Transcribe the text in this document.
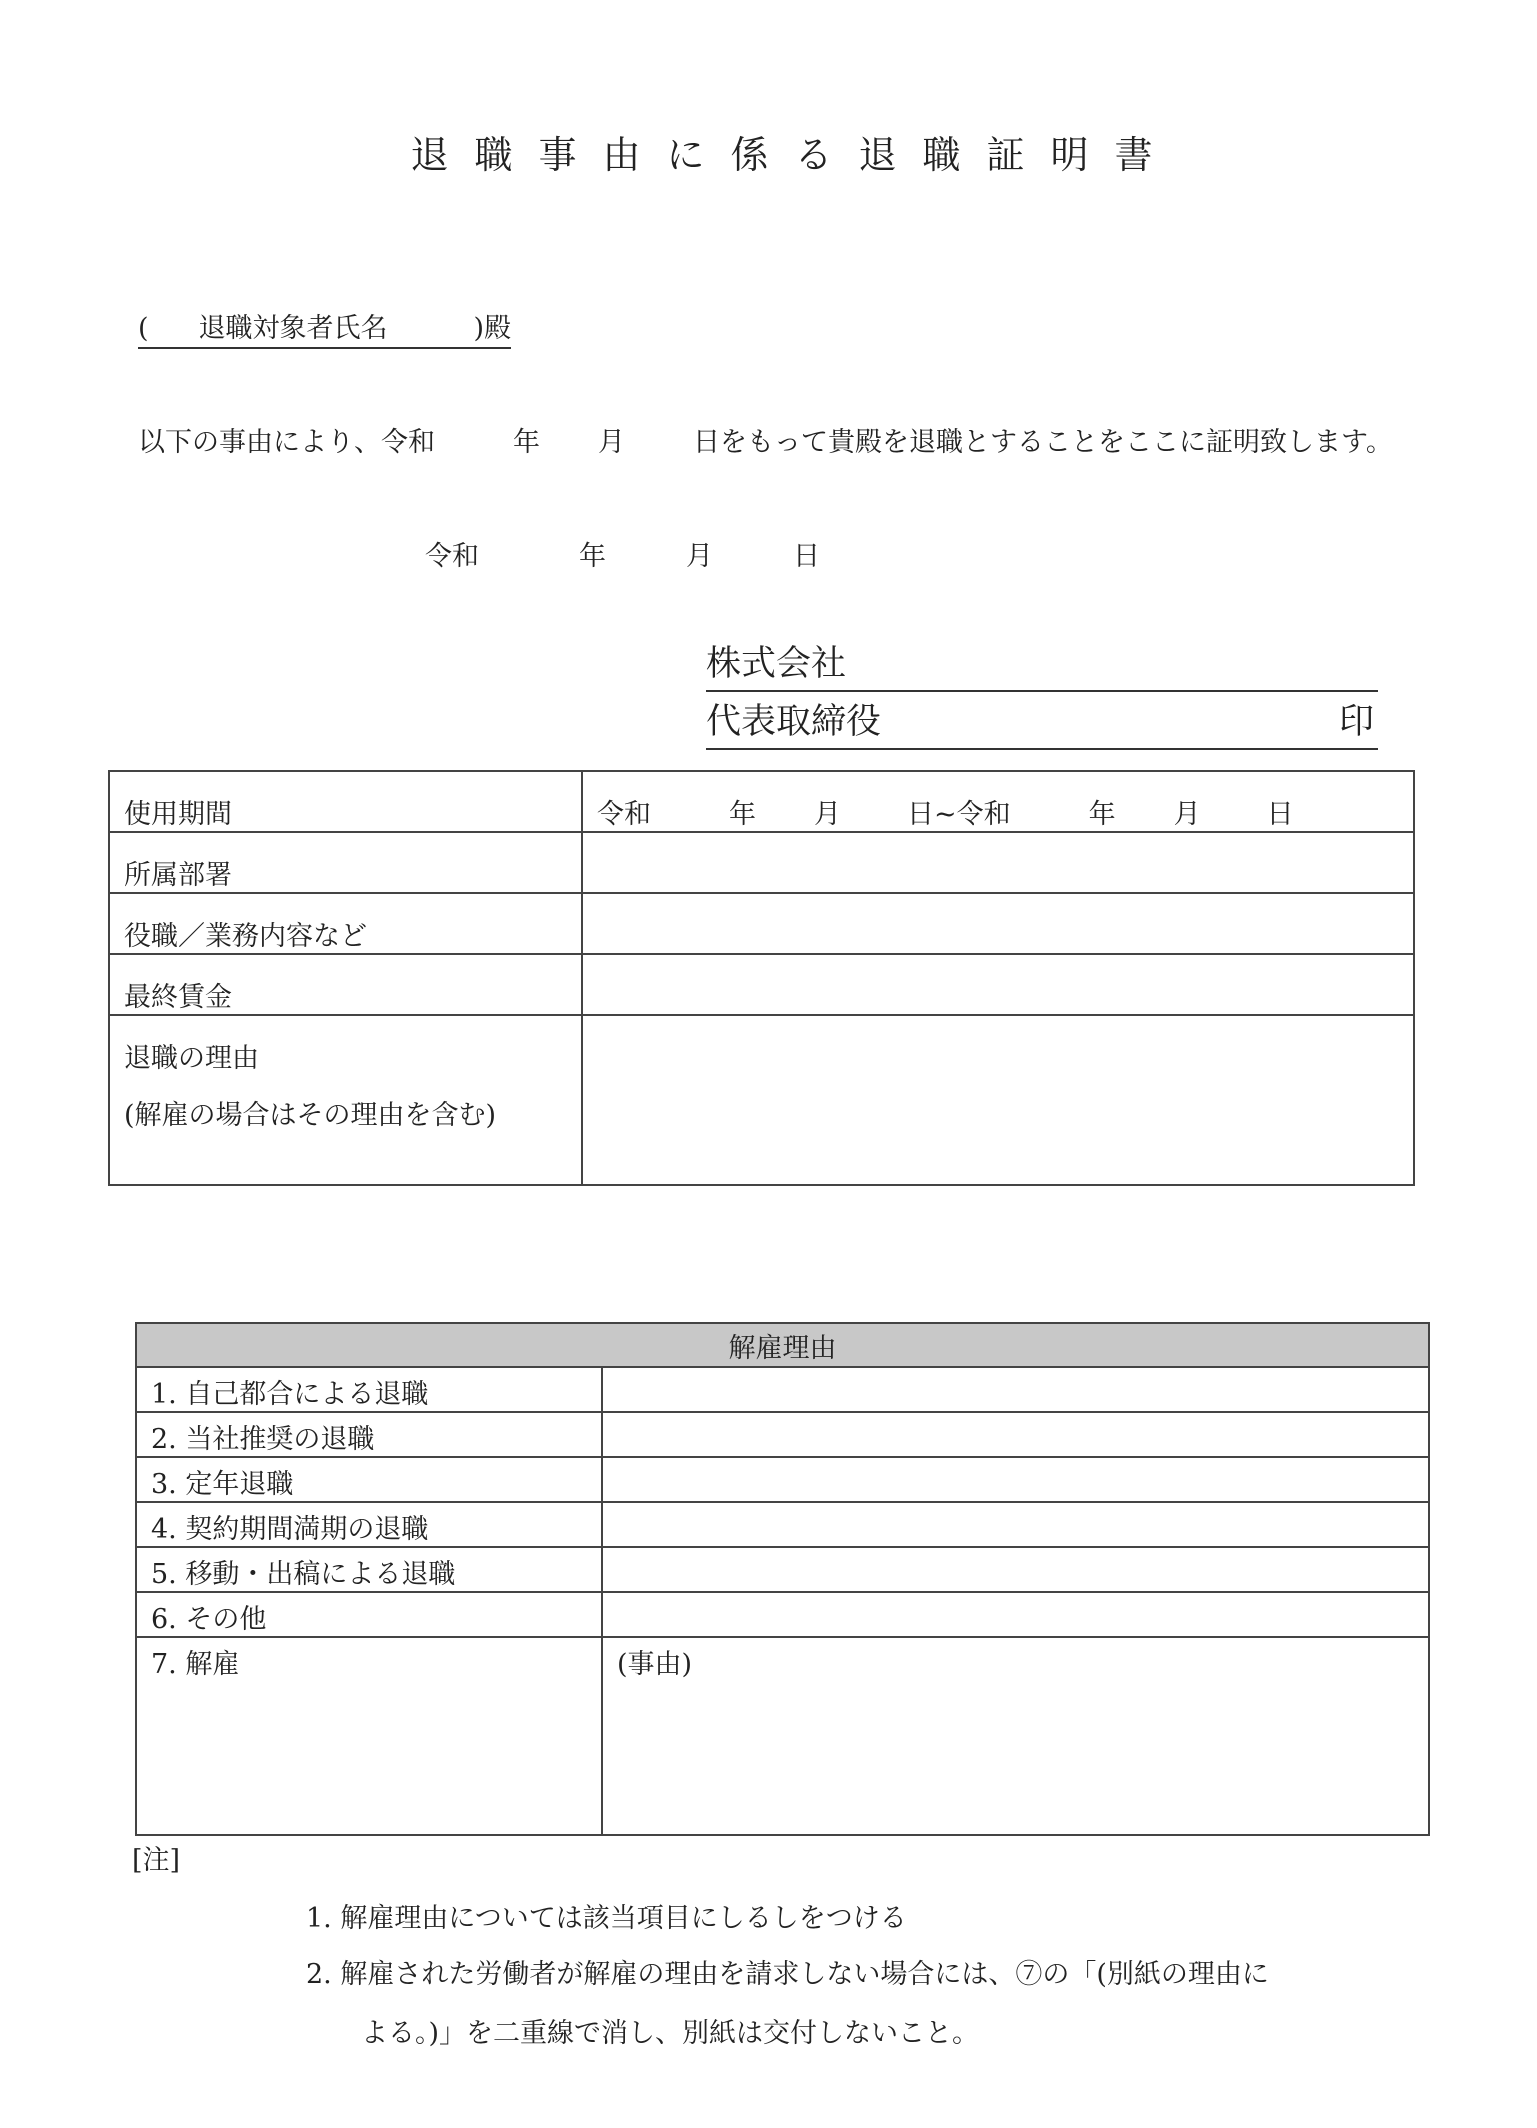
退職事由に係る退職証明書
( 退職対象者氏名	)殿
以下の事由により、令和	年 月	日をもって貴殿を退職とすることをここに証明致します。
令和	年	月	日
株式会社
代表取締役	印
使用期間	令和 年 月 日~令和 年 月 日
所属部署	
役職／業務内容など	
最終賃金	
退職の理由
(解雇の場合はその理由を含む)	

解雇理由	
1. 自己都合による退職	
2. 当社推奨の退職	
3. 定年退職	
4. 契約期間満期の退職	
5. 移動・出稿による退職	
6. その他	
7. 解雇	(事由)
[注]
1. 解雇理由については該当項目にしるしをつける
2. 解雇された労働者が解雇の理由を請求しない場合には、⑦の「(別紙の理由に
よる。)」を二重線で消し、別紙は交付しないこと。
